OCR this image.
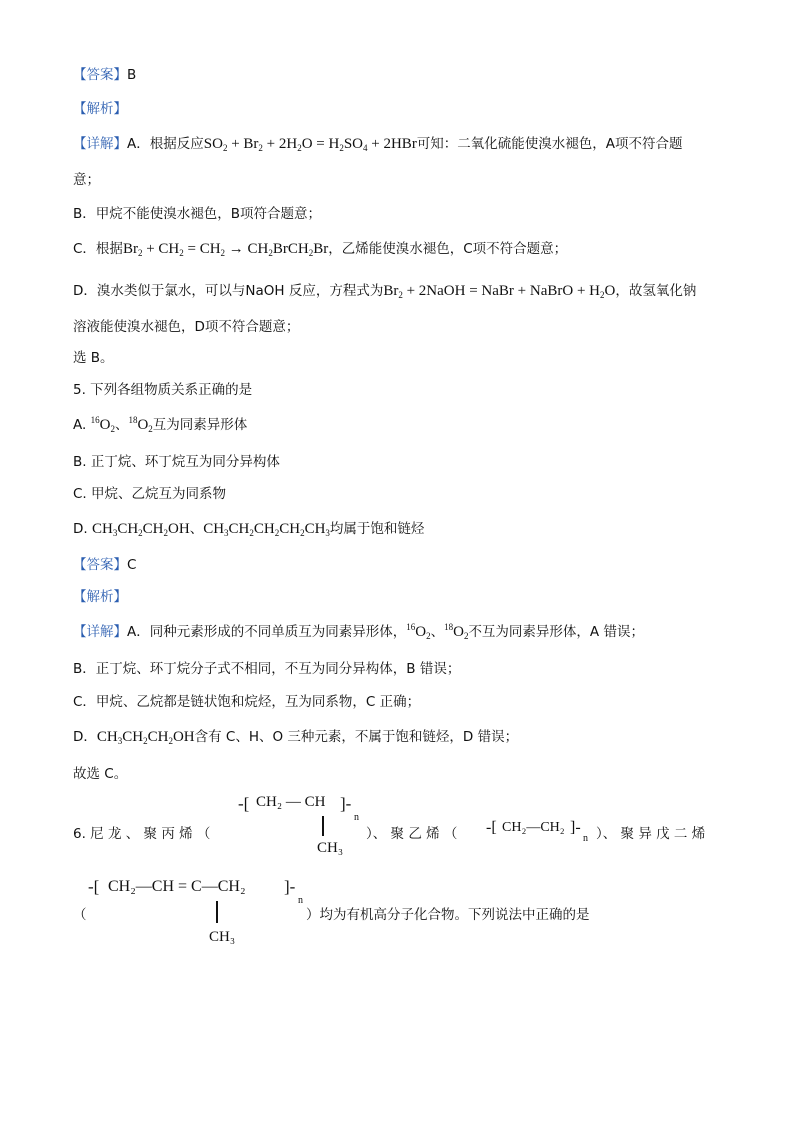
【答案】B
【解析】
【详解】A．根据反应$SO_2 + Br_2 + 2H_2O = H_2SO_4 + 2HBr$可知：二氧化硫能使溴水褪色，A项不符合题
意；
B．甲烷不能使溴水褪色，B项符合题意；
C．根据$Br_2 + CH_2 = CH_2$ → $CH_2BrCH_2Br$，乙烯能使溴水褪色，C项不符合题意；
D．溴水类似于氯水，可以与NaOH 反应，方程式为$Br_2$ + 2NaOH = NaBr + NaBrO + $H_2O$，故氢氧化钠
溶液能使溴水褪色，D项不符合题意；
选 B。
5. 下列各组物质关系正确的是
A. $^{16}O_2$、$^{18}O_2$互为同素异形体
B. 正丁烷、环丁烷互为同分异构体
C. 甲烷、乙烷互为同系物
D. $CH_3CH_2CH_2OH$、$CH_3CH_2CH_2CH_2CH_3$均属于饱和链烃
【答案】C
【解析】
【详解】A．同种元素形成的不同单质互为同素异形体，$^{16}O_2$、$^{18}O_2$不互为同素异形体，A 错误；
B．正丁烷、环丁烷分子式不相同，不互为同分异构体，B 错误；
C．甲烷、乙烷都是链状饱和烷烃，互为同系物，C 正确；
D．$CH_3CH_2CH_2OH$含有 C、H、O 三种元素，不属于饱和链烃，D 错误；
故选 C。
-[ CH₂ — CH ]-
n
CH₃
6. 尼 龙 、 聚 丙 烯 （	）、 聚 乙 烯 （ -[ CH₂—CH₂ ]-
n ）、 聚 异 戊 二 烯
-[ CH₂—CH = C—CH₂ ]-
n
CH₃
（	）均为有机高分子化合物。下列说法中正确的是
